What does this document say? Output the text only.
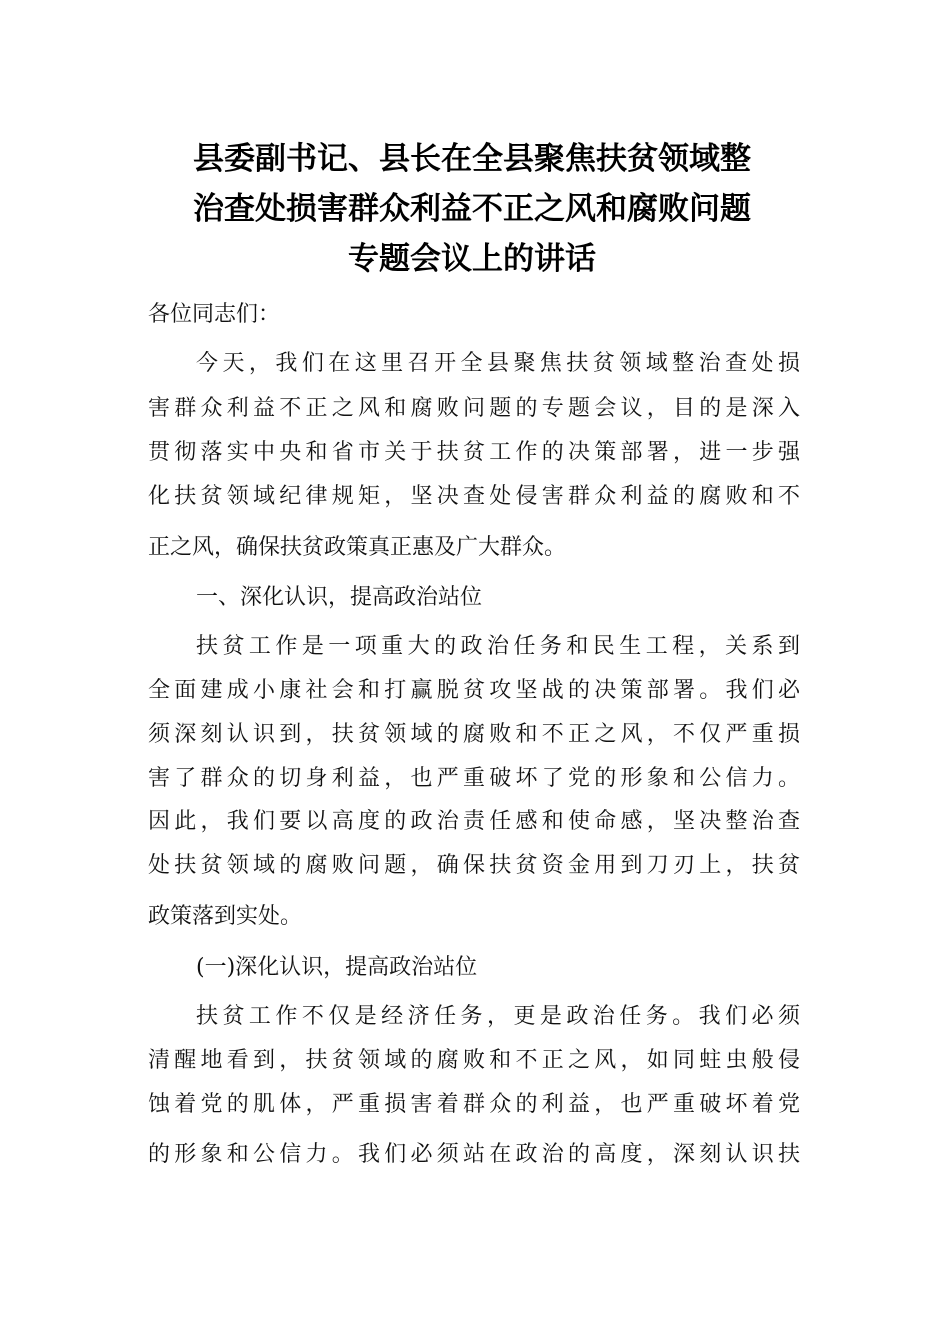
县委副书记、县长在全县聚焦扶贫领域整
治查处损害群众利益不正之风和腐败问题
专题会议上的讲话
各位同志们：
今天，我们在这里召开全县聚焦扶贫领域整治查处损
害群众利益不正之风和腐败问题的专题会议，目的是深入
贯彻落实中央和省市关于扶贫工作的决策部署，进一步强
化扶贫领域纪律规矩，坚决查处侵害群众利益的腐败和不
正之风，确保扶贫政策真正惠及广大群众。
一、深化认识，提高政治站位
扶贫工作是一项重大的政治任务和民生工程，关系到
全面建成小康社会和打赢脱贫攻坚战的决策部署。我们必
须深刻认识到，扶贫领域的腐败和不正之风，不仅严重损
害了群众的切身利益，也严重破坏了党的形象和公信力。
因此，我们要以高度的政治责任感和使命感，坚决整治查
处扶贫领域的腐败问题，确保扶贫资金用到刀刃上，扶贫
政策落到实处。
(一)深化认识，提高政治站位
扶贫工作不仅是经济任务，更是政治任务。我们必须
清醒地看到，扶贫领域的腐败和不正之风，如同蛀虫般侵
蚀着党的肌体，严重损害着群众的利益，也严重破坏着党
的形象和公信力。我们必须站在政治的高度，深刻认识扶
